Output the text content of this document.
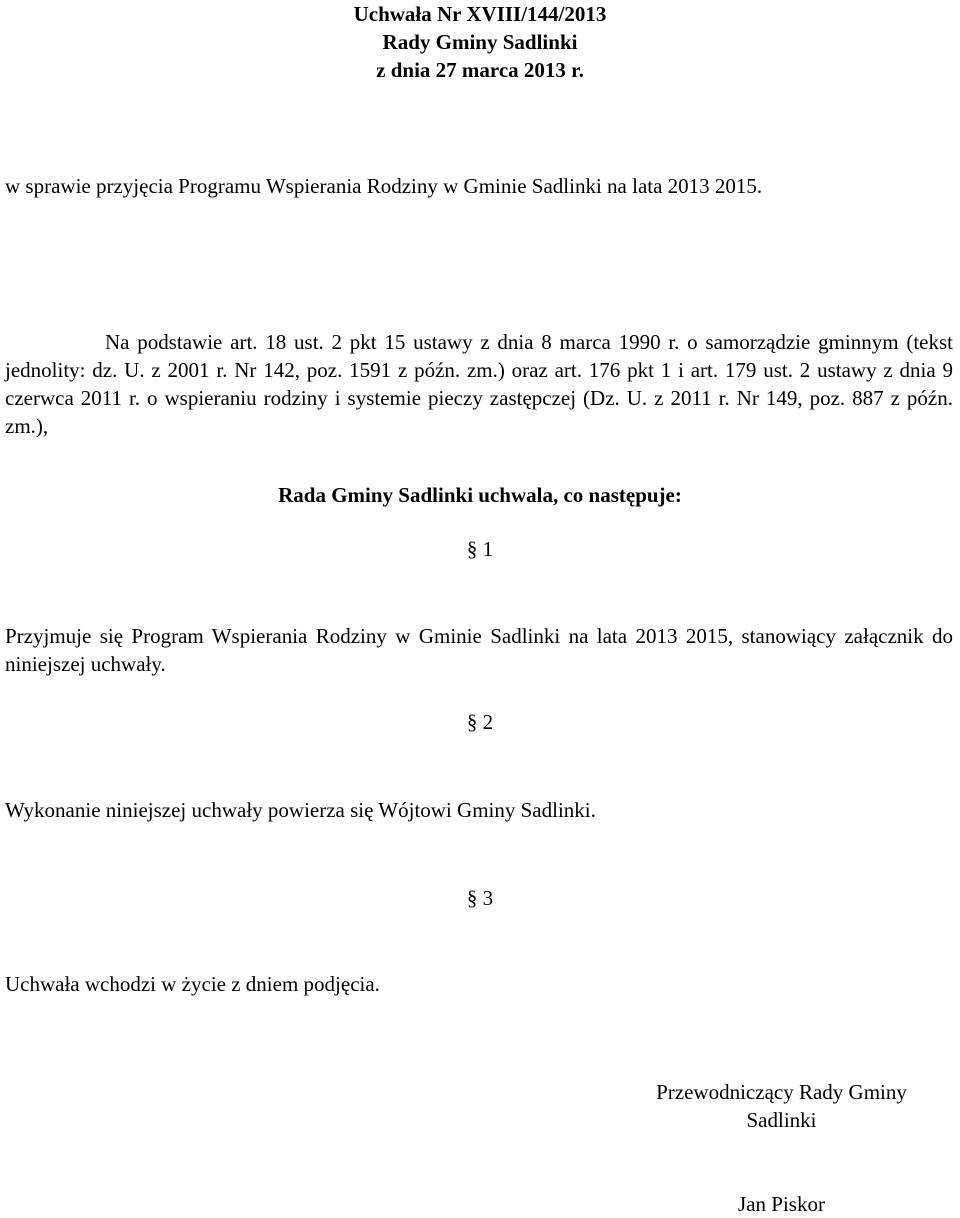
Uchwała Nr XVIII/144/2013
Rady Gminy Sadlinki
z dnia 27 marca 2013 r.
w sprawie przyjęcia Programu Wspierania Rodziny w Gminie Sadlinki na lata 2013 2015.
Na podstawie art. 18 ust. 2 pkt 15 ustawy z dnia 8 marca 1990 r. o samorządzie gminnym (tekst jednolity: dz. U. z 2001 r. Nr 142, poz. 1591 z późn. zm.) oraz art. 176 pkt 1 i art. 179 ust. 2 ustawy z dnia 9 czerwca 2011 r. o wspieraniu rodziny i systemie pieczy zastępczej (Dz. U. z 2011 r. Nr 149, poz. 887 z późn. zm.),
Rada Gminy Sadlinki uchwala, co następuje:
§ 1
Przyjmuje się Program Wspierania Rodziny w Gminie Sadlinki na lata 2013 2015, stanowiący załącznik do niniejszej uchwały.
§ 2
Wykonanie niniejszej uchwały powierza się Wójtowi Gminy Sadlinki.
§ 3
Uchwała wchodzi w życie z dniem podjęcia.
Przewodniczący Rady Gminy Sadlinki
Jan Piskor
